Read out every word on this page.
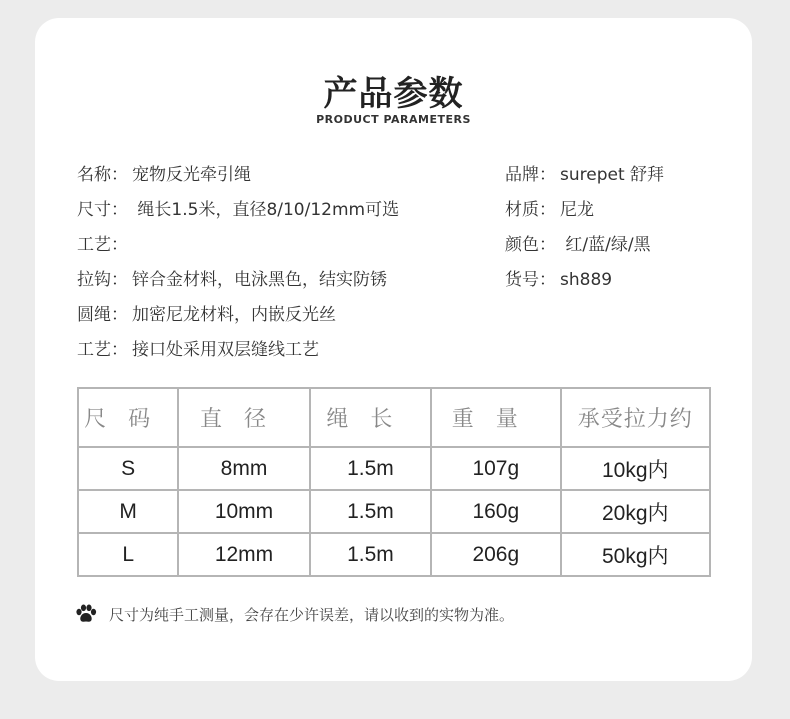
产品参数
PRODUCT PARAMETERS
名称： 宠物反光牵引绳
尺寸： 绳长1.5米，直径8/10/12mm可选
工艺：
拉钩： 锌合金材料，电泳黑色，结实防锈
圆绳： 加密尼龙材料，内嵌反光丝
工艺： 接口处采用双层缝线工艺
品牌： surepet 舒拜
材质： 尼龙
颜色： 红/蓝/绿/黑
货号： sh889
尺码	直径	绳长	重量	承受拉力约
S	8mm	1.5m	107g	10kg内
M	10mm	1.5m	160g	20kg内
L	12mm	1.5m	206g	50kg内
尺寸为纯手工测量，会存在少许误差，请以收到的实物为准。
